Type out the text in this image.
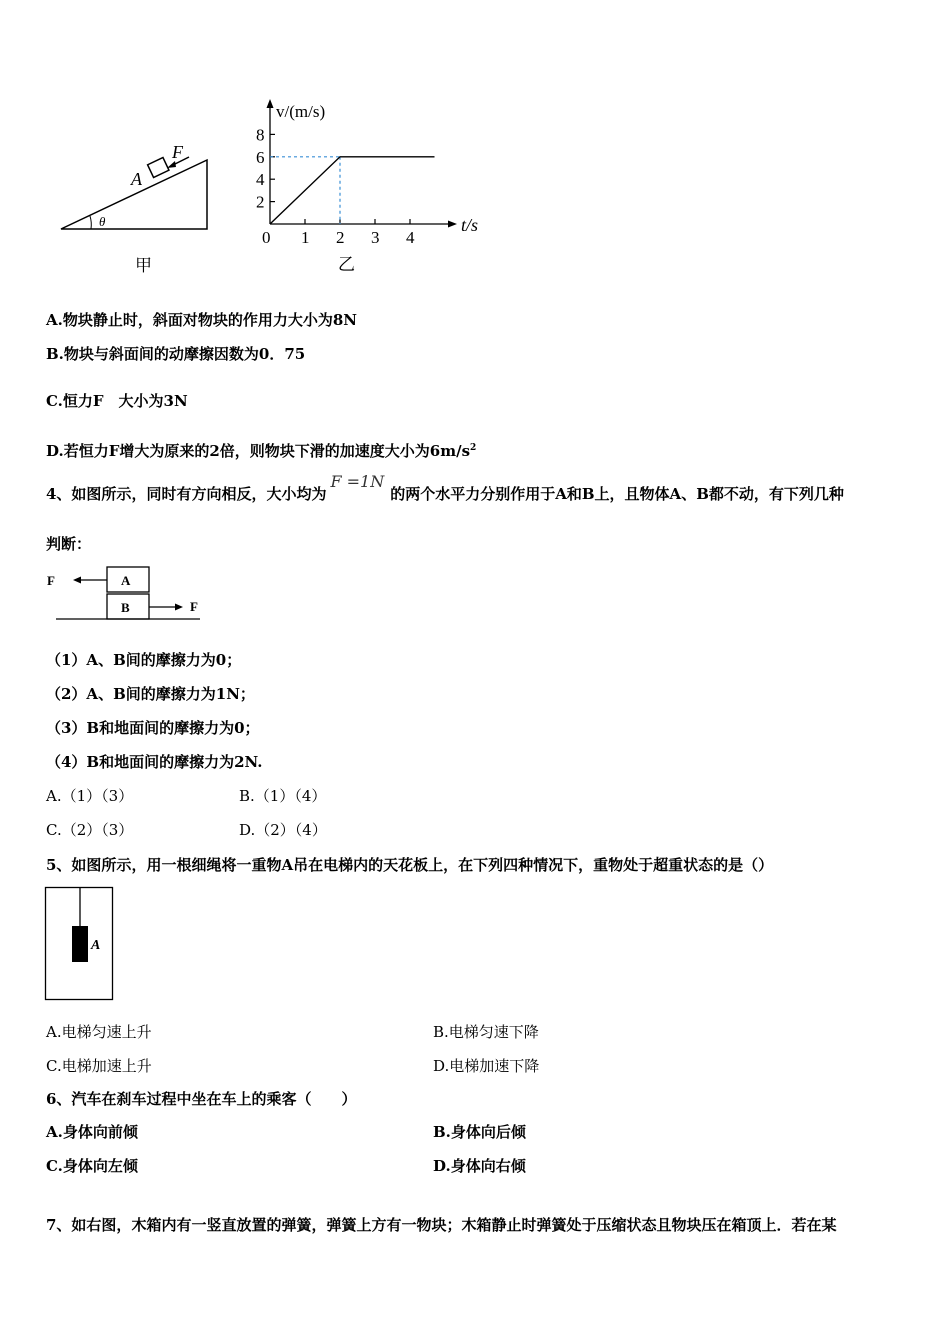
θ
F
A
甲
v/(m/s)
t/s
0
乙
2
4
6
8
1 2 3 4
A.物块静止时，斜面对物块的作用力大小为8N
B.物块与斜面间的动摩擦因数为0．75
C.恒力F　大小为3N
D.若恒力F增大为原来的2倍，则物块下滑的加速度大小为$6m/s^2$
4、如图所示，同时有方向相反，大小均为F =1N的两个水平力分别作用于A和B上，且物体A、B都不动，有下列几种
判断：
A
B
F
F
（1）A、B间的摩擦力为0；
（2）A、B间的摩擦力为1N；
（3）B和地面间的摩擦力为0；
（4）B和地面间的摩擦力为2N.
A.（1）（3）	B.（1）（4）
C.（2）（3）	D.（2）（4）
5、如图所示，用一根细绳将一重物A吊在电梯内的天花板上，在下列四种情况下，重物处于超重状态的是（）
A
A.电梯匀速上升	B.电梯匀速下降
C.电梯加速上升	D.电梯加速下降
6、汽车在刹车过程中坐在车上的乘客（　　）
A.身体向前倾	B.身体向后倾
C.身体向左倾	D.身体向右倾
7、如右图，木箱内有一竖直放置的弹簧，弹簧上方有一物块；木箱静止时弹簧处于压缩状态且物块压在箱顶上．若在某
